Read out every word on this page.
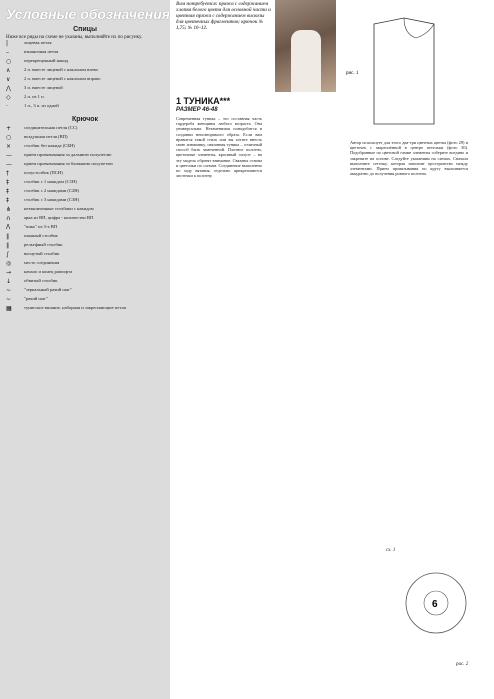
Условные обозначения
Спицы
Ниже все ряды на схеме не указаны, выполняйте их по рисунку.
|	лицевая петля
–	изнаночная петля
○	перекрещенный накид
∧	2 п. вместе лицевой с наклоном влево
∨	2 п. вместе лицевой с наклоном вправо
⋀	3 п. вместе лицевой
◇	2 п. из 1 п.
·	1 п., 3 п. из одной
Крючок
+	соединительная петля (СС)
○	воздушная петля (ВП)
×	столбик без накида (СБН)
—	прием провязывания за дальнюю полупетлю
—	прием провязывания за ближнюю полупетлю
†	полустолбик (ПСН)
‡	столбик с 1 накидом (С1Н)
‡	столбик с 2 накидами (С2Н)
‡	столбик с 3 накидами (С3Н)
⋔	незаконченные столбики с накидом
∩	арка из ВП, цифра - количество ВП
ᐱ	"пико" из 3-х ВП
∥	пышный столбик
∥	рельефный столбик
∫	вогнутый столбик
◎	место соединения
→	начало и конец раппорта
↓	обвитый столбик
~	"зеркальный рачий шаг"
~	"рачий шаг"
▦	тунисское вязание, наборная и закрепляющие петли
Вам потребуется: пряжа с содержанием хлопка белого цвета для основной части и цветная пряжа с содержанием вискозы для цветочных фрагментов; крючок № 1,75; № 10–12.
1 ТУНИКА***
РАЗМЕР 46-48
Современная туника – это составная часть гардероба женщины любого возраста. Она универсальна. Незаменимая понадобится в создании неповторимого образа. Если вам нравится такой стиль или вы хотите внесть свою изюминку, связанная туника – отличный способ быть замеченной. Плотное полотно, цветочные элементы, красивый силуэт – на эту модель обратят внимание. Связаны основа и цветочки по схемам. Соединение выполнено по ходу вязания, отдельно прикрепляются листочки к полотну.
рис. 1
Автор использует для этого два-три цветных цветка (фото 29) и цветочек с закреплённой в центре петельки (фото 30). Подобранные по цветовой гамме элементы соберите воедино и закрепите на основе. Следуйте указаниям на схемах. Сначала выполните сеточку, которая заполнит пространство между элементами. Прием провязывания по кругу выполняется аккуратно до получения ровного полотна.
6
сх. 1
рис. 2
